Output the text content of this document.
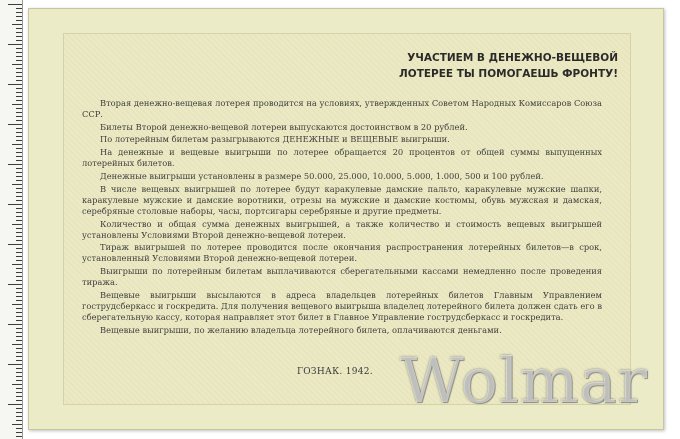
УЧАСТИЕМ В ДЕНЕЖНО-ВЕЩЕВОЙ
ЛОТЕРЕЕ ТЫ ПОМОГАЕШЬ ФРОНТУ!

Вторая денежно-вещевая лотерея проводится на условиях, утвержденных Советом Народных Комиссаров Союза ССР.

Билеты Второй денежно-вещевой лотереи выпускаются достоинством в 20 рублей.

По лотерейным билетам разыгрываются ДЕНЕЖНЫЕ и ВЕЩЕВЫЕ выигрыши.

На денежные и вещевые выигрыши по лотерее обращается 20 процентов от общей суммы выпущенных лотерейных билетов.

Денежные выигрыши установлены в размере 50.000, 25.000, 10.000, 5.000, 1.000, 500 и 100 рублей.

В числе вещевых выигрышей по лотерее будут каракулевые дамские пальто, каракулевые мужские шапки, каракулевые мужские и дамские воротники, отрезы на мужские и дамские костюмы, обувь мужская и дамская, серебряные столовые наборы, часы, портсигары серебряные и другие предметы.

Количество и общая сумма денежных выигрышей, а также количество и стоимость вещевых выигрышей установлены Условиями Второй денежно-вещевой лотереи.

Тираж выигрышей по лотерее проводится после окончания распространения лотерейных билетов—в срок, установленный Условиями Второй денежно-вещевой лотереи.

Выигрыши по лотерейным билетам выплачиваются сберегательными кассами немедленно после проведения тиража.

Вещевые выигрыши высылаются в адреса владельцев лотерейных билетов Главным Управлением гострудсберкасс и госкредита. Для получения вещевого выигрыша владелец лотерейного билета должен сдать его в сберегательную кассу, которая направляет этот билет в Главное Управление гострудсберкасс и госкредита.

Вещевые выигрыши, по желанию владельца лотерейного билета, оплачиваются деньгами.

ГОЗНАК. 1942. Wolmar
